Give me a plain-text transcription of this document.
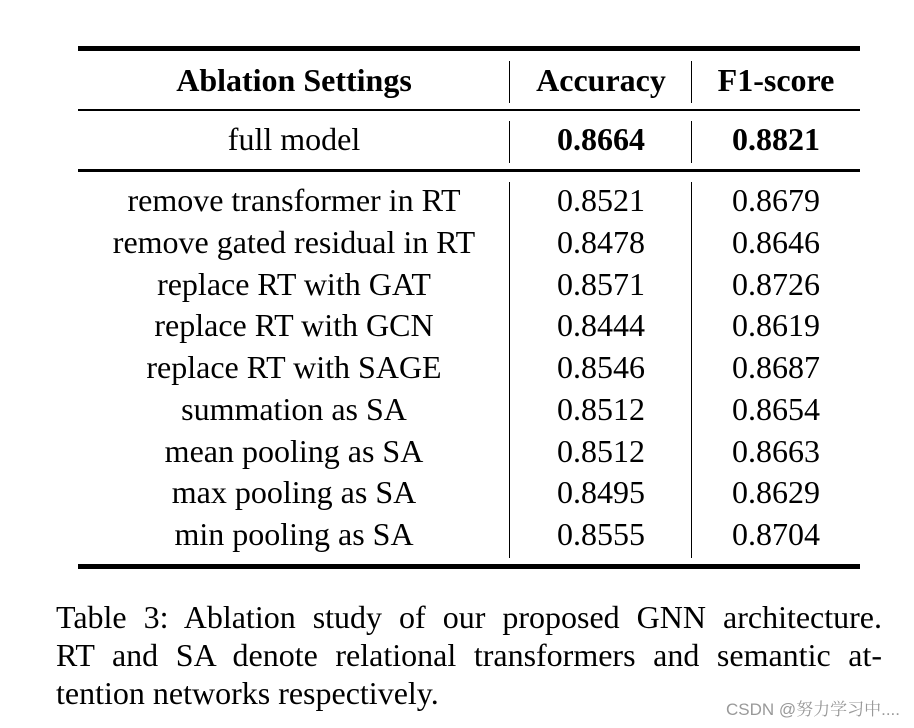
Ablation Settings	Accuracy	F1-score
full model	0.8664	0.8821
remove transformer in RT	0.8521	0.8679
remove gated residual in RT	0.8478	0.8646
replace RT with GAT	0.8571	0.8726
replace RT with GCN	0.8444	0.8619
replace RT with SAGE	0.8546	0.8687
summation as SA	0.8512	0.8654
mean pooling as SA	0.8512	0.8663
max pooling as SA	0.8495	0.8629
min pooling as SA	0.8555	0.8704
Table 3: Ablation study of our proposed GNN architecture.
RT and SA denote relational transformers and semantic at-
tention networks respectively.	CSDN @努力学习中....
